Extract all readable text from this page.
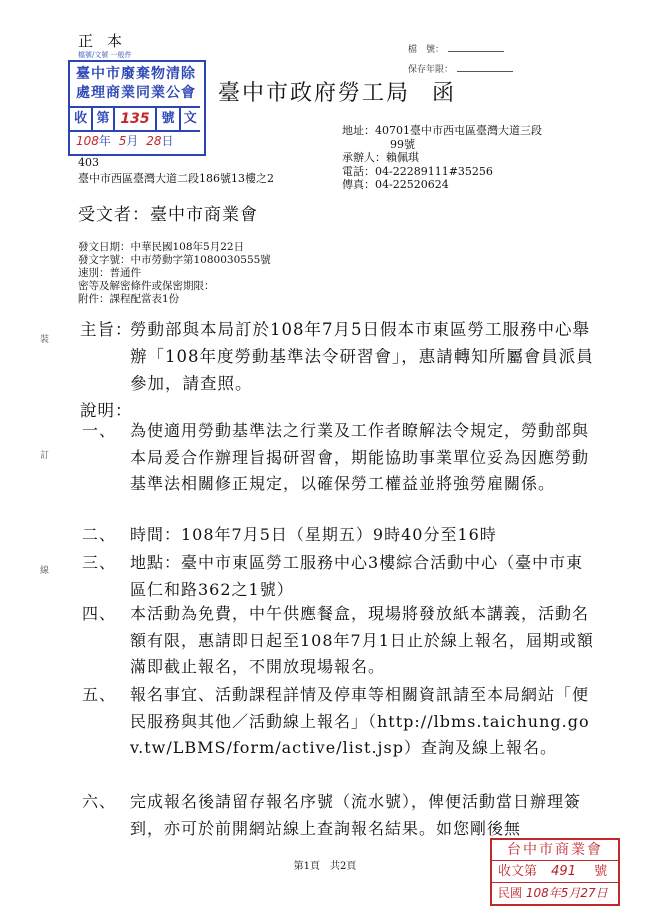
正本
檔號/文號 一般件
臺中市廢棄物清除
處理商業同業公會
收 第 135 號 文
108年 5月 28日
臺中市政府勞工局 函
檔　號：
保存年限：
403
臺中市西區臺灣大道二段186號13樓之2
地址：40701臺中市西屯區臺灣大道三段
99號
承辦人：賴佩琪
電話：04-22289111#35256
傳真：04-22520624
受文者：臺中市商業會
發文日期：中華民國108年5月22日
發文字號：中市勞動字第1080030555號
速別：普通件
密等及解密條件或保密期限：
附件：課程配當表1份
裝
訂
線
主旨：
勞動部與本局訂於108年7月5日假本市東區勞工服務中心舉辦「108年度勞動基準法令研習會」，惠請轉知所屬會員派員參加，請查照。
說明：
一、 為使適用勞動基準法之行業及工作者瞭解法令規定，勞動部與本局爰合作辦理旨揭研習會，期能協助事業單位妥為因應勞動基準法相關修正規定，以確保勞工權益並將強勞雇關係。
二、 時間：108年7月5日（星期五）9時40分至16時
三、 地點：臺中市東區勞工服務中心3樓綜合活動中心（臺中市東區仁和路362之1號）
四、 本活動為免費，中午供應餐盒，現場將發放紙本講義，活動名額有限，惠請即日起至108年7月1日止於線上報名，屆期或額滿即截止報名，不開放現場報名。
五、 報名事宜、活動課程詳情及停車等相關資訊請至本局網站「便民服務與其他／活動線上報名」（http://lbms.taichung.gov.tw/LBMS/form/active/list.jsp）查詢及線上報名。
六、 完成報名後請留存報名序號（流水號），俾便活動當日辦理簽到，亦可於前開網站線上查詢報名結果。如您剛後無
第1頁　共2頁
台中市商業會
收文第 491 號
民國 108年5月27日
